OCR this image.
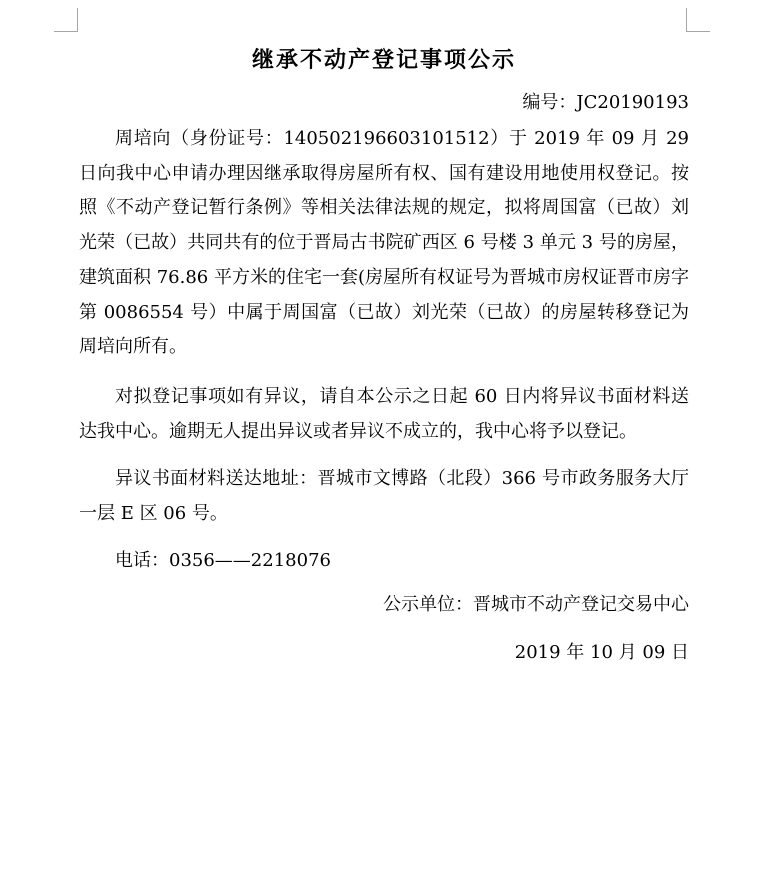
继承不动产登记事项公示

编号：JC20190193

周培向（身份证号：140502196603101512）于 2019 年 09 月 29 日向我中心申请办理因继承取得房屋所有权、国有建设用地使用权登记。按照《不动产登记暂行条例》等相关法律法规的规定，拟将周国富（已故）刘光荣（已故）共同共有的位于晋局古书院矿西区 6 号楼 3 单元 3 号的房屋，建筑面积 76.86 平方米的住宅一套(房屋所有权证号为晋城市房权证晋市房字第 0086554 号）中属于周国富（已故）刘光荣（已故）的房屋转移登记为周培向所有。

对拟登记事项如有异议，请自本公示之日起 60 日内将异议书面材料送达我中心。逾期无人提出异议或者异议不成立的，我中心将予以登记。

异议书面材料送达地址：晋城市文博路（北段）366 号市政务服务大厅一层 E 区 06 号。

电话：0356——2218076

公示单位：晋城市不动产登记交易中心

2019 年 10 月 09 日
